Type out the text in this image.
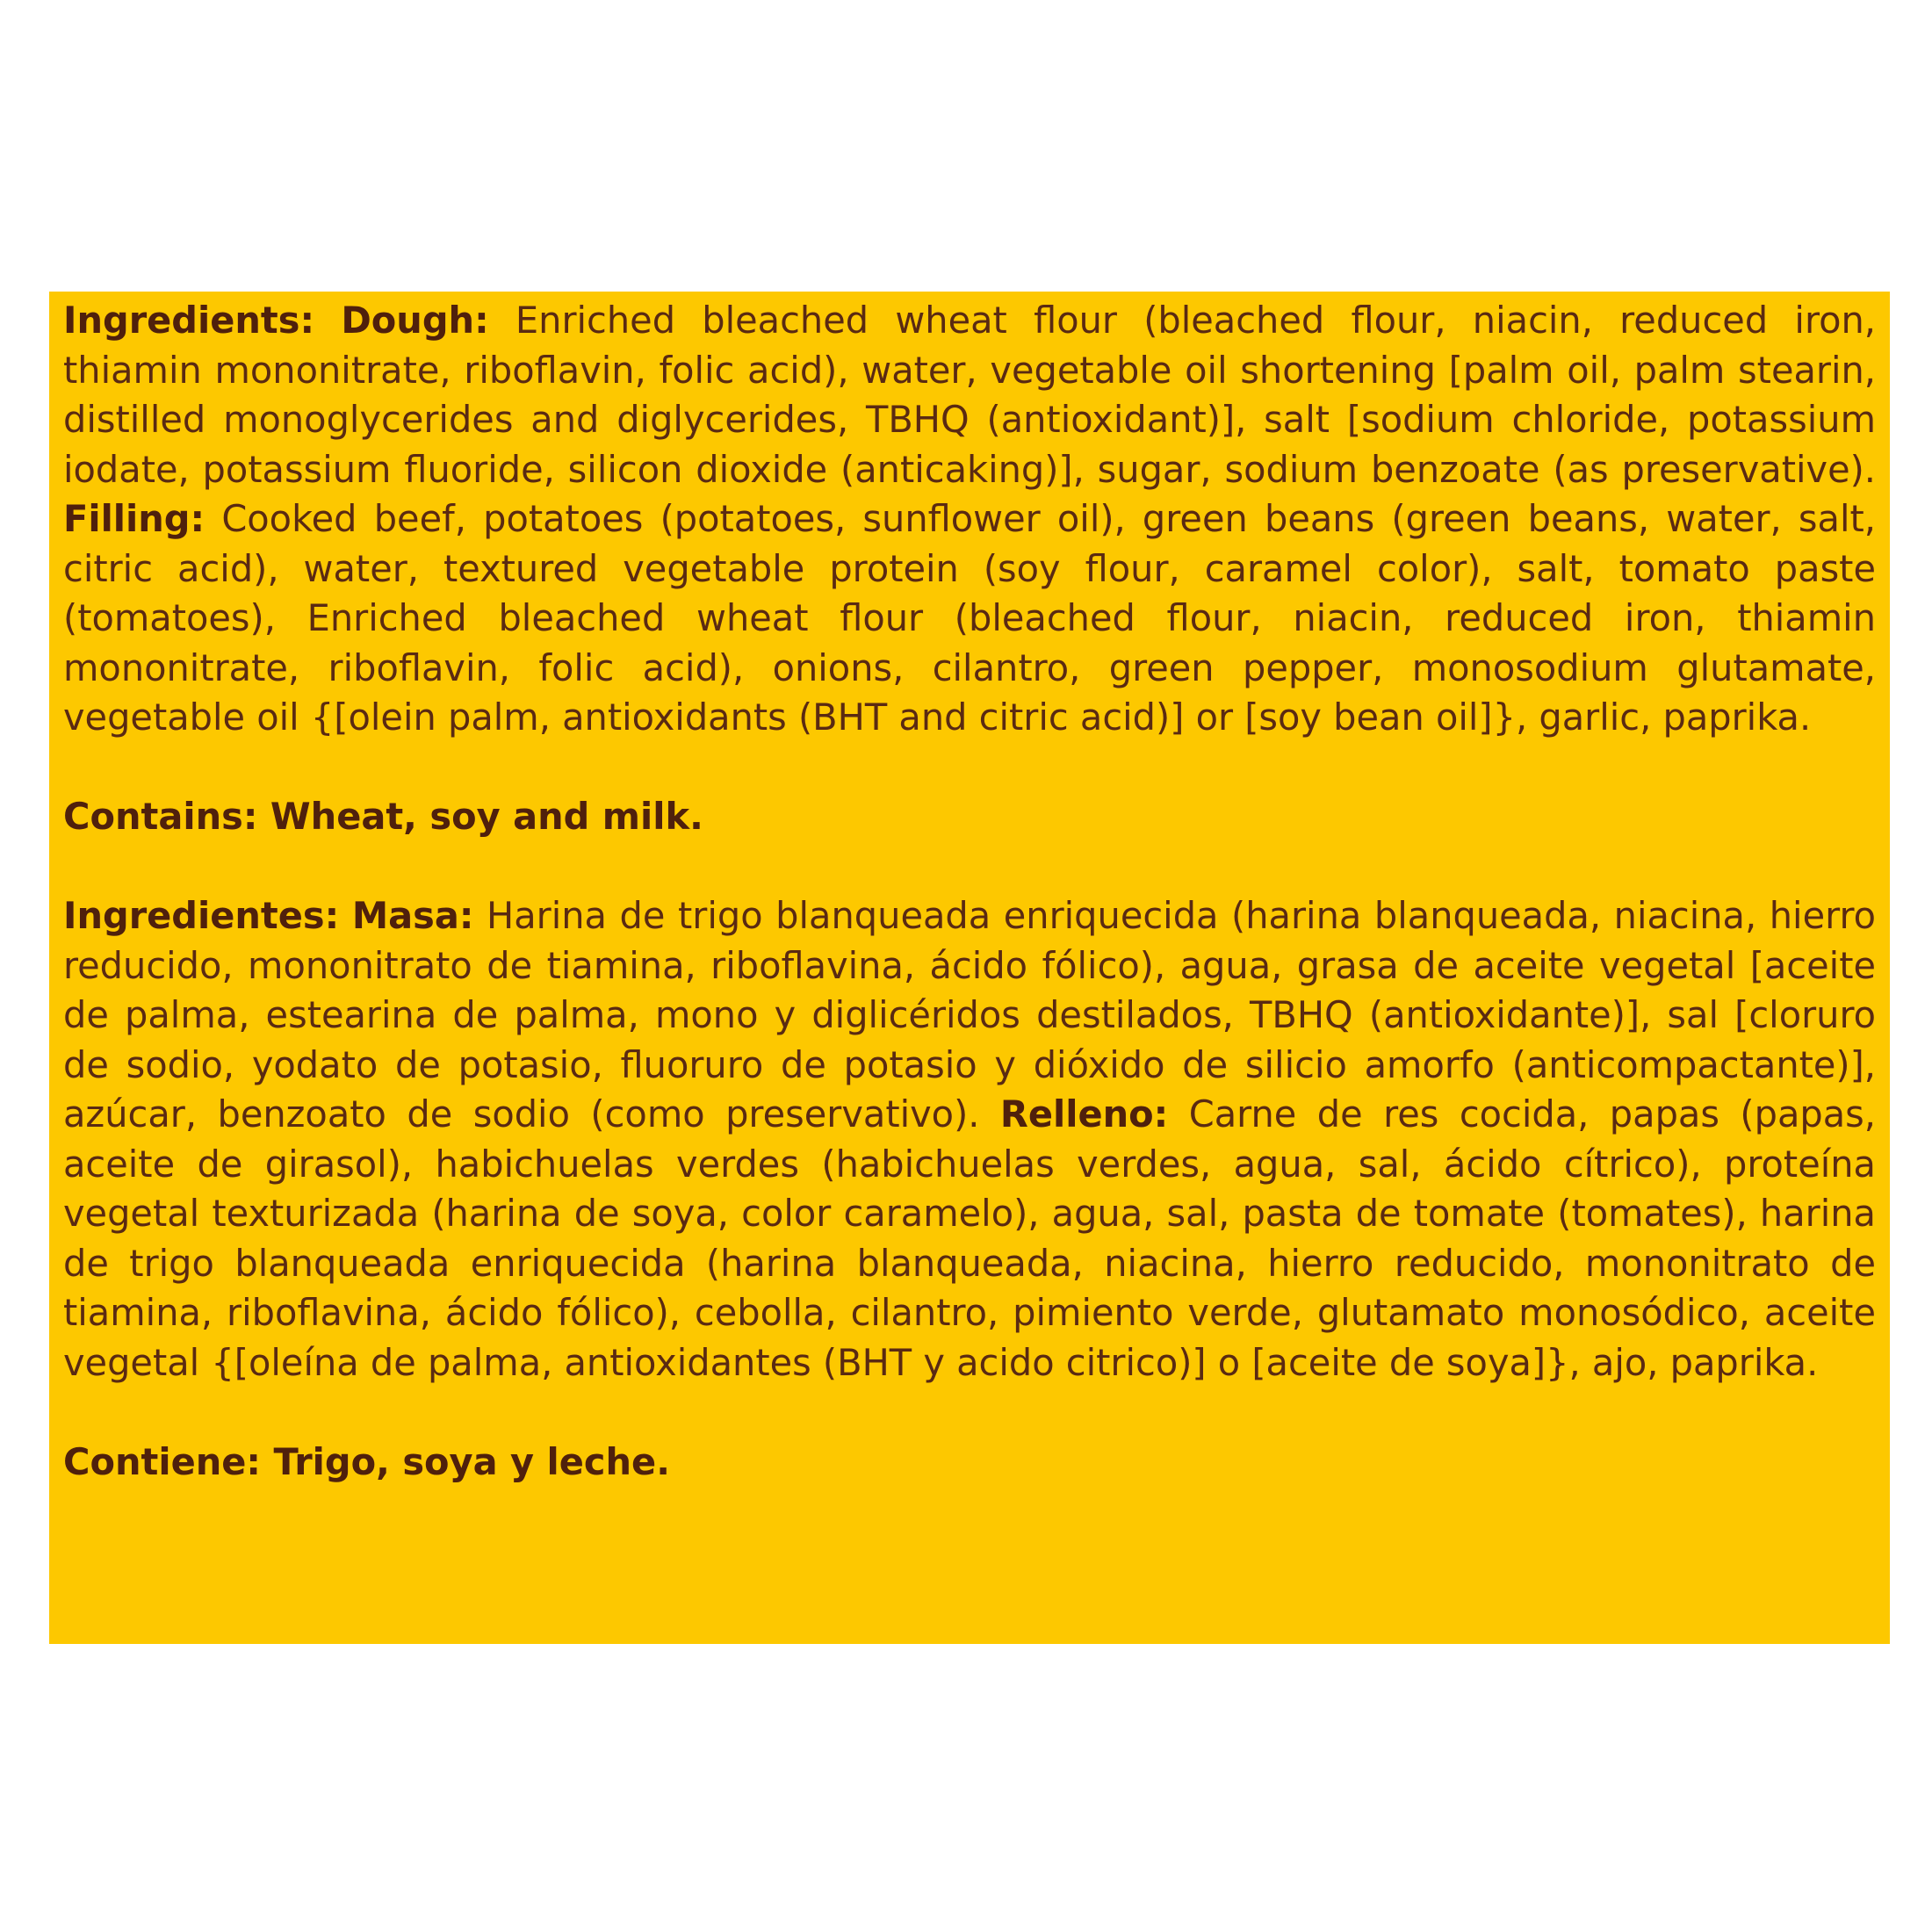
Ingredients: Dough: Enriched bleached wheat flour (bleached flour, niacin, reduced iron, thiamin mononitrate, riboflavin, folic acid), water, vegetable oil shortening [palm oil, palm stearin, distilled monoglycerides and diglycerides, TBHQ (antioxidant)], salt [sodium chloride, potassium iodate, potassium fluoride, silicon dioxide (anticaking)], sugar, sodium benzoate (as preservative). Filling: Cooked beef, potatoes (potatoes, sunflower oil), green beans (green beans, water, salt, citric acid), water, textured vegetable protein (soy flour, caramel color), salt, tomato paste (tomatoes), Enriched bleached wheat flour (bleached flour, niacin, reduced iron, thiamin mononitrate, riboflavin, folic acid), onions, cilantro, green pepper, monosodium glutamate, vegetable oil {[olein palm, antioxidants (BHT and citric acid)] or [soy bean oil]}, garlic, paprika.

Contains: Wheat, soy and milk.

Ingredientes: Masa: Harina de trigo blanqueada enriquecida (harina blanqueada, niacina, hierro reducido, mononitrato de tiamina, riboflavina, ácido fólico), agua, grasa de aceite vegetal [aceite de palma, estearina de palma, mono y diglicéridos destilados, TBHQ (antioxidante)], sal [cloruro de sodio, yodato de potasio, fluoruro de potasio y dióxido de silicio amorfo (anticompactante)], azúcar, benzoato de sodio (como preservativo). Relleno: Carne de res cocida, papas (papas, aceite de girasol), habichuelas verdes (habichuelas verdes, agua, sal, ácido cítrico), proteína vegetal texturizada (harina de soya, color caramelo), agua, sal, pasta de tomate (tomates), harina de trigo blanqueada enriquecida (harina blanqueada, niacina, hierro reducido, mononitrato de tiamina, riboflavina, ácido fólico), cebolla, cilantro, pimiento verde, glutamato monosódico, aceite vegetal {[oleína de palma, antioxidantes (BHT y acido citrico)] o [aceite de soya]}, ajo, paprika.

Contiene: Trigo, soya y leche.
